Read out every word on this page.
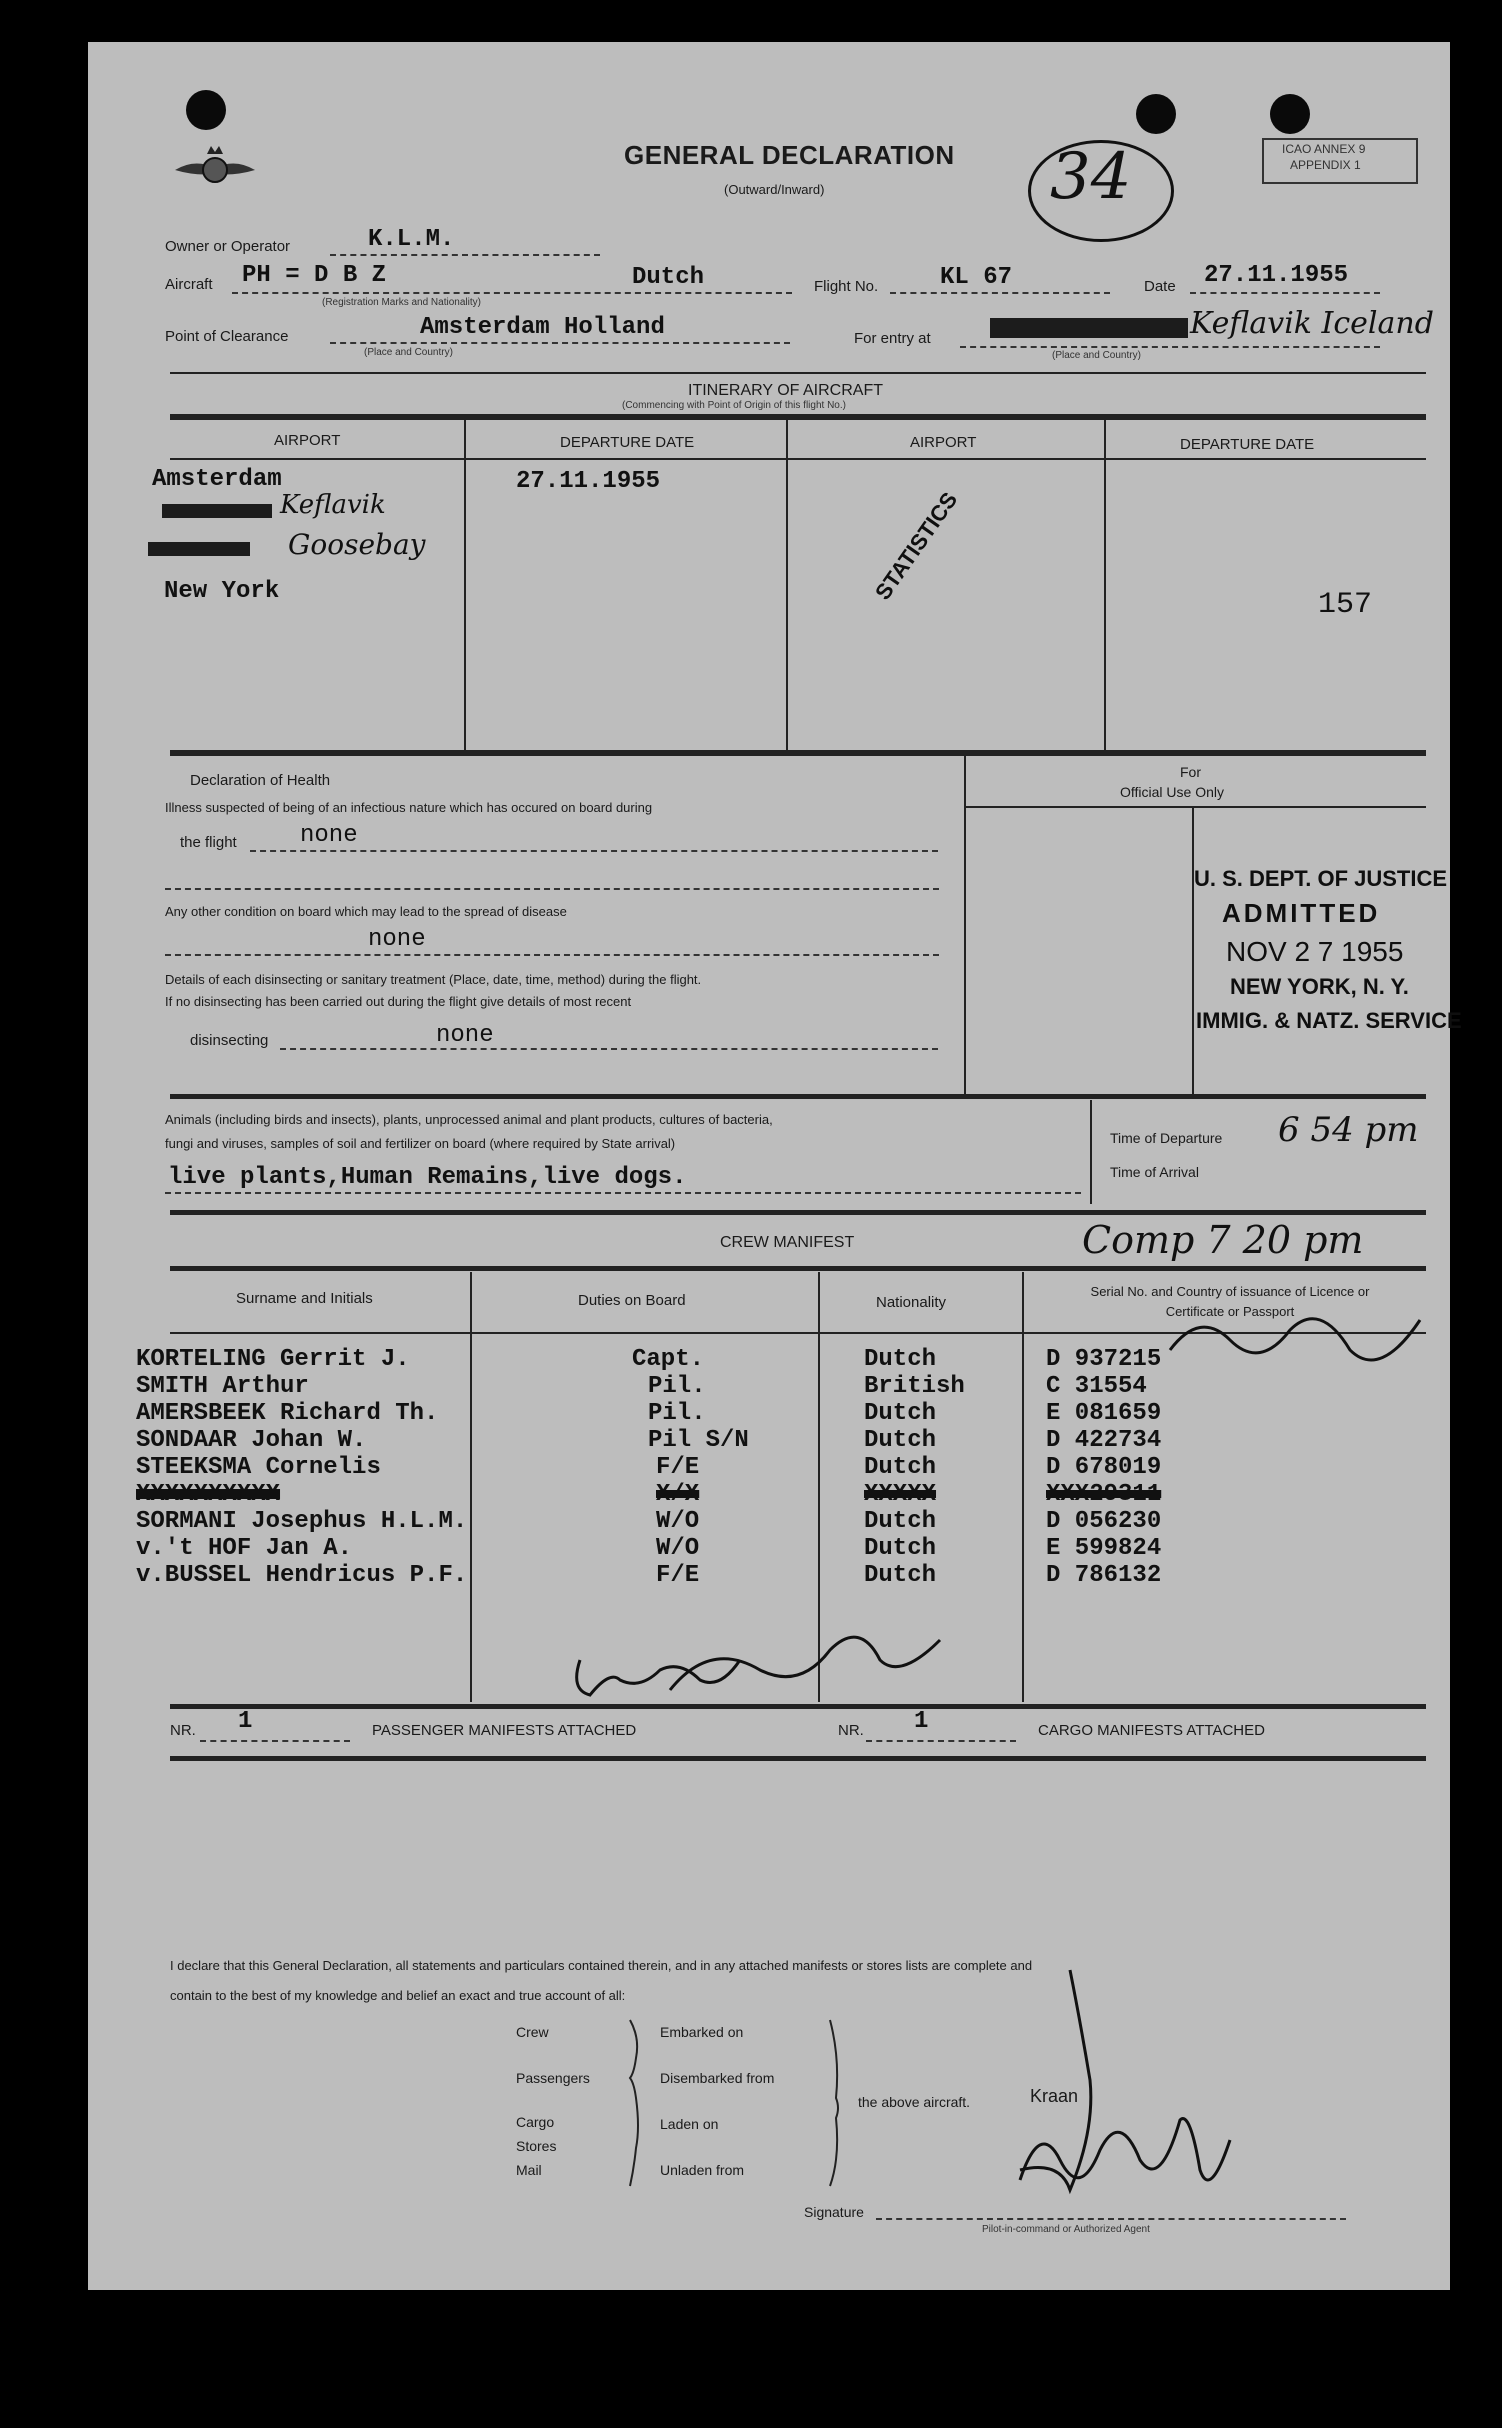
GENERAL DECLARATION
(Outward/Inward)	34	ICAO ANNEX 9
APPENDIX 1
Owner or Operator	K.L.M.
Aircraft PH = D B Z	Dutch
(Registration Marks and Nationality)
Flight No.	KL 67	Date 27.11.1955
Point of Clearance	Amsterdam Holland
(Place and Country)
For entry at	Keflavik Iceland
(Place and Country)
ITINERARY OF AIRCRAFT
(Commencing with Point of Origin of this flight No.)
AIRPORT	DEPARTURE DATE	AIRPORT	DEPARTURE DATE
Amsterdam
Keflavik
Goosebay
New York
27.11.1955
STATISTICS
157
Declaration of Health
Illness suspected of being of an infectious nature which has occured on board during
the flight	none
Any other condition on board which may lead to the spread of disease
none
Details of each disinsecting or sanitary treatment (Place, date, time, method) during the flight.
If no disinsecting has been carried out during the flight give details of most recent
disinsecting	none
For
Official Use Only
U. S. DEPT. OF JUSTICE
ADMITTED
NOV 2 7 1955
NEW YORK, N. Y.
IMMIG. & NATZ. SERVICE
Animals (including birds and insects), plants, unprocessed animal and plant products, cultures of bacteria,
fungi and viruses, samples of soil and fertilizer on board (where required by State arrival)
live plants,Human Remains,live dogs.
Time of Departure 6 54 pm
Time of Arrival
Comp 7 20 pm
CREW MANIFEST
Surname and Initials	Duties on Board	Nationality
Serial No. and Country of issuance of Licence or Certificate or Passport
KORTELING Gerrit J.	Capt.	Dutch	D 937215
SMITH Arthur	Pil.	British	C 31554
AMERSBEEK Richard Th.	Pil.	Dutch	E 081659
SONDAAR Johan W.	Pil S/N	Dutch	D 422734
STEEKSMA Cornelis	F/E	Dutch	D 678019
XXXXXXXXXX	X/X	XXXXX	XXX29311
SORMANI Josephus H.L.M.	W/O	Dutch	D 056230
v.'t HOF Jan A.	W/O	Dutch	E 599824
v.BUSSEL Hendricus P.F.	F/E	Dutch	D 786132
NR. 1	PASSENGER MANIFESTS ATTACHED	NR. 1	CARGO MANIFESTS ATTACHED
I declare that this General Declaration, all statements and particulars contained therein, and in any attached manifests or stores lists are complete and
contain to the best of my knowledge and belief an exact and true account of all:
Crew
Passengers
Cargo
Stores
Mail
Embarked on
Disembarked from
Laden on
Unladen from
the above aircraft.
Signature
Pilot-in-command or Authorized Agent
Kraan
